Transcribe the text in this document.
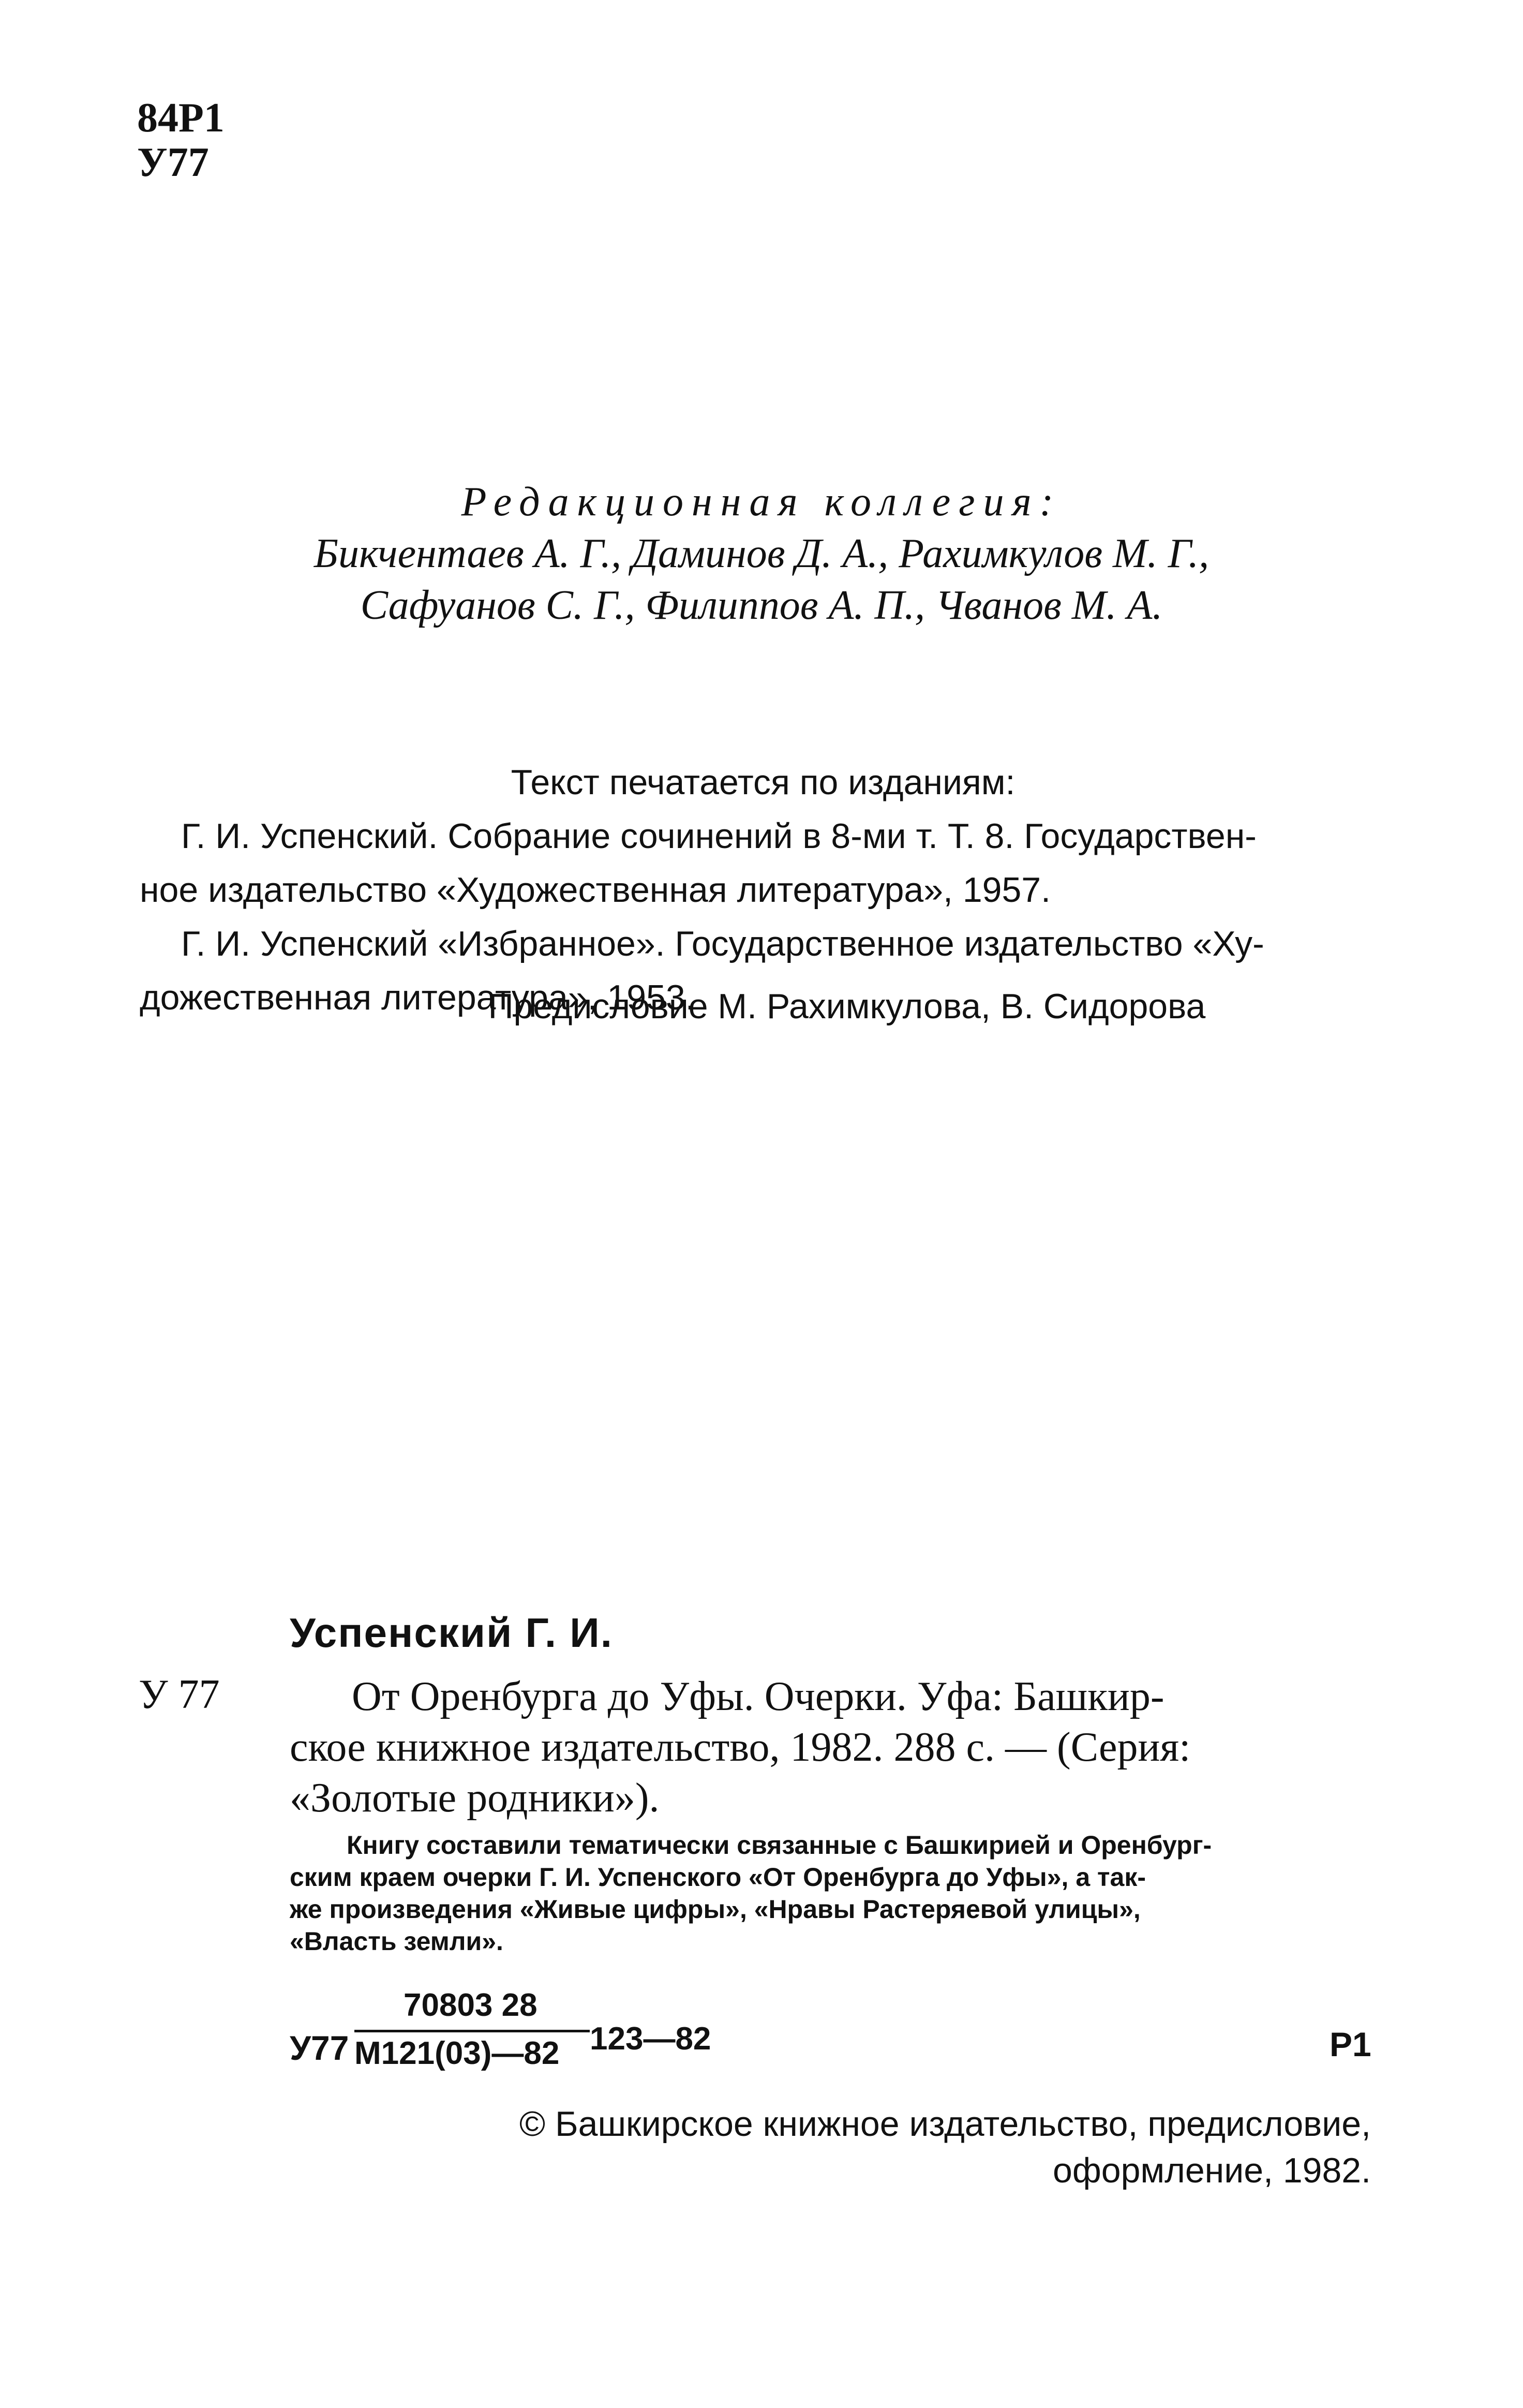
84Р1
У77
Редакционная коллегия:
Бикчентаев А. Г., Даминов Д. А., Рахимкулов М. Г.,
Сафуанов С. Г., Филиппов А. П., Чванов М. А.
Текст печатается по изданиям:
Г. И. Успенский. Собрание сочинений в 8-ми т. Т. 8. Государствен-
ное издательство «Художественная литература», 1957.
Г. И. Успенский «Избранное». Государственное издательство «Ху-
дожественная литература», 1953.
Предисловие М. Рахимкулова, В. Сидорова
У77
70803 28
М121(03)—82 123—82	Р1
Успенский Г. И.
У 77	От Оренбурга до Уфы. Очерки. Уфа: Башкир-
ское книжное издательство, 1982. 288 с. — (Серия:
«Золотые родники»).
Книгу составили тематически связанные с Башкирией и Оренбург-
ским краем очерки Г. И. Успенского «От Оренбурга до Уфы», а так-
же произведения «Живые цифры», «Нравы Растеряевой улицы»,
«Власть земли».
© Башкирское книжное издательство, предисловие,
оформление, 1982.
